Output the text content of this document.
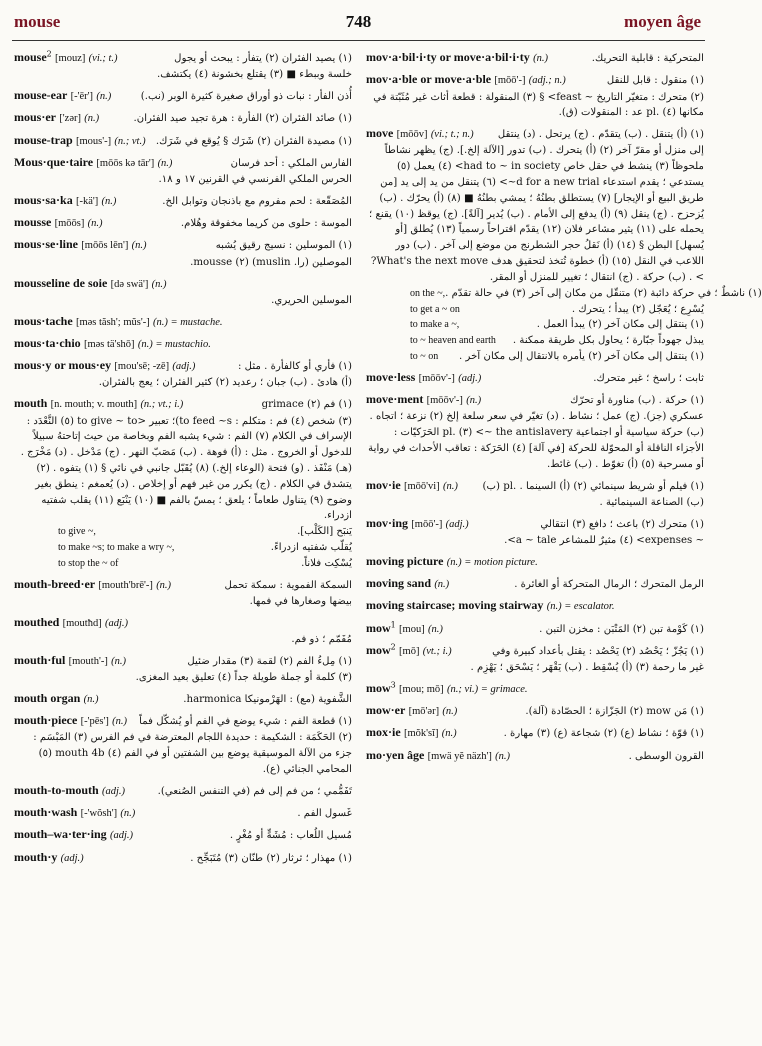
mouse	748	moyen âge
mouse$^2$ [mouz] (vi.; t.)	(١) يصيد الفئران (٢) يتفأر : يبحث أو يجول
خلسة وببطء ■ (٣) يقتلع بخشونة (٤) يكتشف.
mouse-ear [-'ēr'] (n.)	أُذن الفأر : نبات ذو أوراق صغيرة كثيرة الوبر (نب.)
mous·er ['zər] (n.)	(١) صائد الفئران (٢) الفأرة : هرة تجيد صيد الفئران.
mouse-trap [mous'-] (n.; vt.) (١) مصيدة الفئران (٢) شَرَك § يُوقع في شَرَك.
Mous·que·taire [mōōs kə tār'] (n.)	الفارس الملكي : أحد فرسان
الحرس الملكي الفرنسي في القرنين ١٧ و ١٨.
mous·sa·ka [-kä'] (n.)	المُصَقّعة : لحم مفروم مع باذنجان وتوابل الخ.
mousse [mōōs] (n.)	الموسة : حلوى من كريما مخفوقة وهُلام.
mous·se·line [mōōs lēn'] (n.)	(١) الموسلين : نسيج رقيق يُشبه
الموصلين (را. muslin) (٢) mousse.
mousseline de soie [də swä'] (n.)
الموسلين الحريري.
mous·tache [məs tăsh'; mŭs'-] (n.) = mustache.
mous·ta·chio [məs tä'shō] (n.) = mustachio.
mous·y or mous·ey [mou'sē; -zē] (adj.)	(١) فأري أو كالفأرة . مثل :
(أ) هادئ . (ب) جبان ؛ رعديد (٢) كثير الفئران ؛ يعج بالفئران.
mouth [n. mouth; v. mouth] (n.; vt.; i.)	(١) فم (٢) grimace
(٣) شخص (٤) فم : متكلم : to feed ~s)؛ تعبير <to give ~ to (٥) النَّعْدَد : الإسراف في الكلام (٧) الفم : شيء يشبه الفم وبخاصة من حيث إتاحتهُ سبيلاً للدخول أو الخروج . مثل : (أ) فوهة . (ب) مَصَبّ النهر . (ج) مَدْخل . (د) مَخْرَج . (هـ) مَنْفَذ . (و) فتحة (الوعاء إلخ.) (٨) يُقَبّل جانبي في نائي § (١) يتفوه . (٢) يتشدق في الكلام . (ج) يكرر من غير فهم أو إخلاص . (د) يُعمغم : ينطق بغير وضوح (٩) يتناول طعاماً ؛ يلعق ؛ يمسّ بالفم ■ (١٠) يَنْبَع (١١) يقلب شفتيه ازدراء.
to give ~,	يَنبَح [الكَلْب].
to make ~s; to make a wry ~,	يُقلّب شفتيه ازدراءً.
to stop the ~ of	يُسْكِت فلاناً.
mouth-breed·er [mouth'brē'-] (n.)	السمكة الفموية : سمكة تحمل
بيضها وصغارها في فمها.
mouthed [moutħd] (adj.)
مُفَمّم ؛ ذو فم.
mouth·ful [mouth'-] (n.)	(١) مِلءُ الفم (٢) لقمة (٣) مقدار ضئيل
(٣) كلمة أو جملة طويلة جداً (٤) تعليق بعيد المغزى.
mouth organ (n.)	الشَّفوية (مع) : الهَرْمونيكا harmonica.
mouth·piece [-'pēs'] (n.) (١) قطعة الفم : شيء يوضع في الفم أو يُشكّل فماً
(٢) الحَكَمَة : الشكيمة : حديدة اللجام المعترضة في فم الفرس (٣) المَبْسَم : جزء من الآلة الموسيقية يوضع بين الشفتين أو في الفم (٤) mouth 4b (٥) المحامي الجنائي (ع).
mouth-to-mouth (adj.)	تَفَمُّمي ؛ من فم إلى فم (في التنفس الصُنعي).
mouth·wash [-'wŏsh'] (n.)	غَسول الفم .
mouth–wa·ter·ing (adj.)	مُسيل اللُعاب : مُشَهٍّ أو مُغْرٍ .
mouth·y (adj.)	(١) مهذار ؛ ثرثار (٢) طنّان (٣) مُتَبَجِّح .
mov·a·bil·i·ty or move·a·bil·i·ty (n.)	المتحركية : قابلية التحريك.
mov·a·ble or move·a·ble [mōō'-] (adj.; n.)	(١) منقول : قابل للنقل
(٢) متحرك : متغيّر التاريخ ~ feast> § (٣) المنقولة : قطعة أثاث غير مُثَبّتة في مكانها (٤) .pl عد : المنقولات (ق).
move [mōōv] (vi.; t.; n.) (١) (أ) يتنقل . (ب) يتقدّم . (ج) يرتحل . (د) ينتقل
إلى منزل أو مقرّ آخر (٢) (أ) يتحرك . (ب) تدور [الآلة إلخ.]. (ج) يظهر نشاطاً ملحوظاً (٣) ينشط في حقل خاص had to ~ in society> (٤) يعمل (٥) يستدعي ؛ يقدم استدعاء d for a new trial~> (٦) يتنقل من يد إلى يد [من طريق البيع أو الإيجار] (٧) يستطلق بطنُهُ ؛ يمشي بطنُهُ ■ (٨) (أ) يحرّك . (ب) يُزحزح . (ج) ينقل (٩) (أ) يدفع إلى الأمام . (ب) يُدير [آلةً]. (ج) يوقظ (١٠) يقنع ؛ يحمله على (١١) يثير مشاعر فلان (١٢) يقدّم اقتراحاً رسمياً (١٣) يُطلق [أو يُسهل] البطن § (١٤) (أ) نَقلُ حجر الشطرنج من موضع إلى آخر . (ب) دور اللاعب في النقل (١٥) (أ) خطوة تُتخذ لتحقيق هدف What's the next move?> . (ب) حركة . (ج) انتقال ؛ تغيير للمنزل أو المقر.
on the ~, (١) ناشطٌ ؛ في حركة دائبة (٢) متنقّل من مكان إلى آخر (٣) في حالة تقدّم .
to get a ~ on	يُسْرِع ؛ يُعَجّل (٢) يبدأ ؛ يتحرك .
to make a ~,	(١) ينتقل إلى مكان آخر (٢) يبدأ العمل .
to ~ heaven and earth يبذل جهوداً جبّارة ؛ يحاول بكل طريقة ممكنة .
to ~ on (١) ينتقل إلى مكان آخر (٢) يأمره بالانتقال إلى مكان آخر .
move·less [mōōv'-] (adj.)	ثابت ؛ راسخ ؛ غير متحرك.
move·ment [mōōv'-] (n.)	(١) حركة . (ب) مناورة أو تحرّك
عسكري (جز). (ج) عمل ؛ نشاط . (د) تغيّر في سعر سلعة إلخ (٢) نزعة ؛ اتجاه . (ب) حركة سياسية أو اجتماعية the antislavery ~> (٣) .pl الحَرَكيّات : الأجزاء الناقلة أو المحوّلة للحركة [في آلة] (٤) الحَرَكة : تعاقب الأحداث في رواية أو مسرحية (٥) (أ) تغوّط . (ب) غائط.
mov·ie [mōō'vi] (n.) (١) فيلم أو شريط سينمائي (٢) (أ) السينما . .pl (ب)
(ب) الصناعة السينمائية .
mov·ing [mōō'-] (adj.)	(١) متحرك (٢) باعث ؛ دافع (٣) انتقالي
~ expenses> (٤) مثيرٌ للمشاعر a ~ tale>.
moving picture (n.) = motion picture.
moving sand (n.)	الرمل المتحرك ؛ الرمال المتحركة أو الغائرة .
moving staircase; moving stairway (n.) = escalator.
mow$^1$ [mou] (n.)	(١) كَوْمة تبن (٢) المَتْبَن : مخزن التبن .
mow$^2$ [mō] (vt.; i.)	(١) يَجُزّ ؛ يَحْصُد (٢) يَحْصُد : يقتل بأعداد كبيرة وفي
غير ما رحمة (٣) (أ) يُسْقِط . (ب) يَقْهَر ؛ يَسْحَق ؛ يَهْزِم .
mow$^3$ [mou; mō] (n.; vi.) = grimace.
mow·er [mō'ər] (n.)	(١) مَن mow (٢) الجَزّازة ؛ الحصّادة (آلة).
mox·ie [mŏk'sĭ] (n.)	(١) قوّة ؛ نشاط (ع) (٢) شجاعة (ع) (٣) مهارة .
mo·yen âge [mwä yĕ näzh'] (n.)	القرون الوسطى .
